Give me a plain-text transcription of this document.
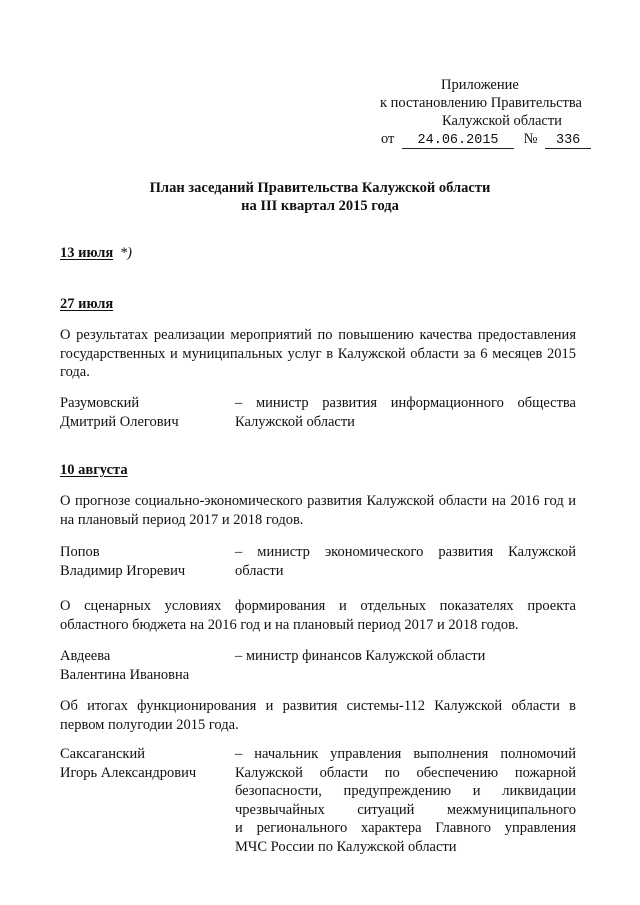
Приложение
к постановлению Правительства
Калужской области
от 24.06.2015 № 336
План заседаний Правительства Калужской области
на III квартал 2015 года
13 июля *)
27 июля
О результатах реализации мероприятий по повышению качества предоставления государственных и муниципальных услуг в Калужской области за 6 месяцев 2015 года.
Разумовский
Дмитрий Олегович
– министр развития информационного общества
Калужской области
10 августа
О прогнозе социально-экономического развития Калужской области на 2016 год и на плановый период 2017 и 2018 годов.
Попов
Владимир Игоревич
– министр экономического развития Калужской
области
О сценарных условиях формирования и отдельных показателях проекта областного бюджета на 2016 год и на плановый период 2017 и 2018 годов.
Авдеева
Валентина Ивановна
– министр финансов Калужской области
Об итогах функционирования и развития системы-112 Калужской области в первом полугодии 2015 года.
Саксаганский
Игорь Александрович
– начальник управления выполнения полномочий
Калужской области по обеспечению пожарной
безопасности, предупреждению и ликвидации
чрезвычайных ситуаций межмуниципального
и регионального характера Главного управления
МЧС России по Калужской области
